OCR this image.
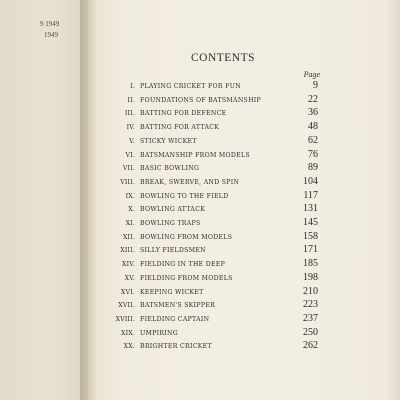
9 1949
1949
CONTENTS
Page
I. PLAYING CRICKET FOR FUN	9
II. FOUNDATIONS OF BATSMANSHIP	22
III. BATTING FOR DEFENCE	36
IV. BATTING FOR ATTACK	48
V. STICKY WICKET	62
VI. BATSMANSHIP FROM MODELS	76
VII. BASIC BOWLING	89
VIII. BREAK, SWERVE, AND SPIN	104
IX. BOWLING TO THE FIELD	117
X. BOWLING ATTACK	131
XI. BOWLING TRAPS	145
XII. BOWLING FROM MODELS	158
XIII. SILLY FIELDSMEN	171
XIV. FIELDING IN THE DEEP	185
XV. FIELDING FROM MODELS	198
XVI. KEEPING WICKET	210
XVII. BATSMEN'S SKIPPER	223
XVIII. FIELDING CAPTAIN	237
XIX. UMPIRING	250
XX. BRIGHTER CRICKET	262
